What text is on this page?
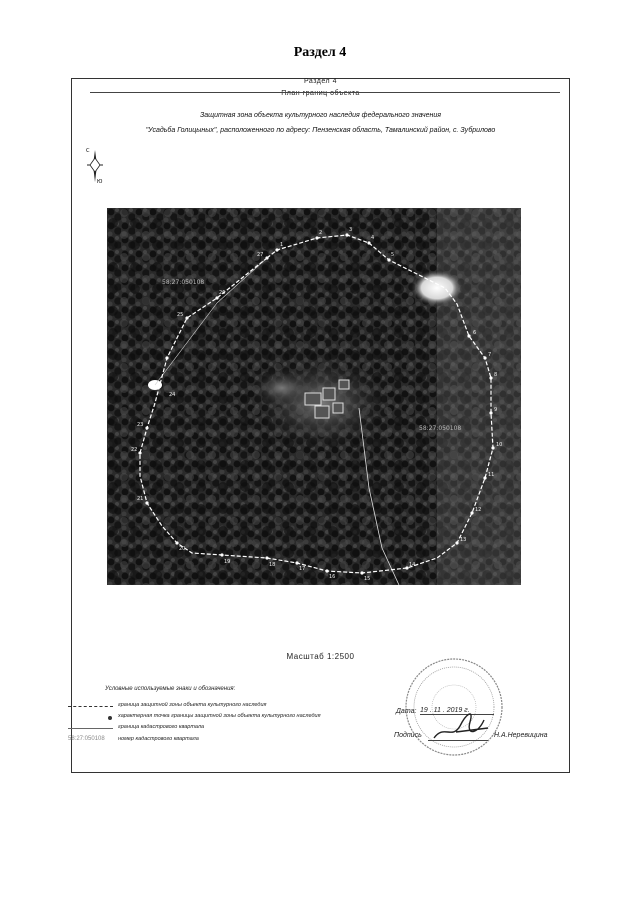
Раздел 4
Раздел 4
План границ объекта
Защитная зона объекта культурного наследия федерального значения
"Усадьба Голицыных", расположенного по адресу: Пензенская область, Тамалинский район, с. Зубрилово
С
Ю
1
2	3
4
5
6
7
8
9
10
11
12
13
14
15
16
17
18
19
20
21
22
23
24
25
26
27
58:27:050108
58:27:050108
Масштаб 1:2500
Условные используемые знаки и обозначения:
граница защитной зоны объекта культурного наследия
характерная точка границы защитной зоны объекта культурного наследия
граница кадастрового квартала
58:27:050108	номер кадастрового квартала
Дата: 19 . 11 . 2019 г.
Подпись	Н.А.Неревицина
